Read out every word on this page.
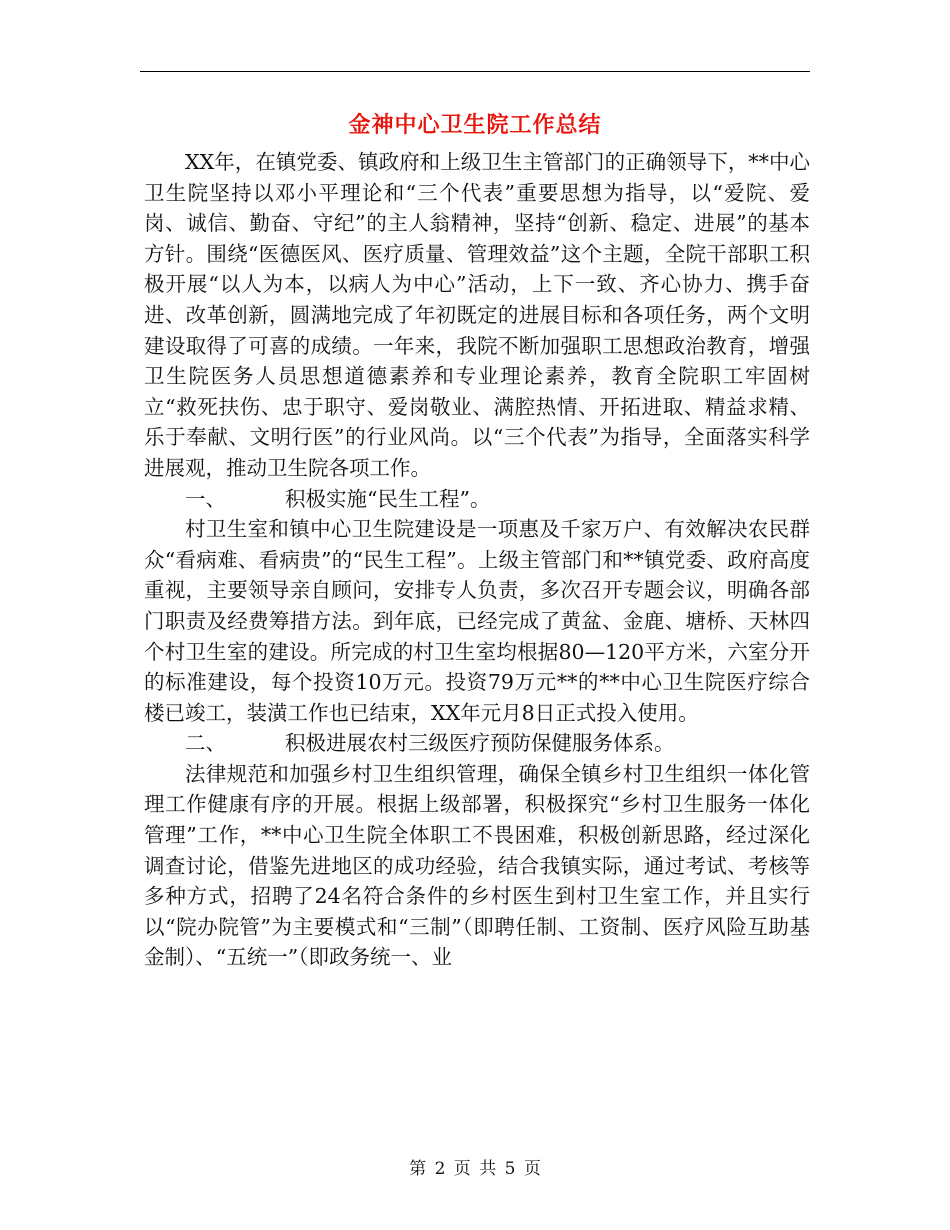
金神中心卫生院工作总结

XX年，在镇党委、镇政府和上级卫生主管部门的正确领导下，**中心卫生院坚持以邓小平理论和“三个代表”重要思想为指导，以“爱院、爱岗、诚信、勤奋、守纪”的主人翁精神，坚持“创新、稳定、进展”的基本方针。围绕“医德医风、医疗质量、管理效益”这个主题，全院干部职工积极开展“以人为本，以病人为中心”活动，上下一致、齐心协力、携手奋进、改革创新，圆满地完成了年初既定的进展目标和各项任务，两个文明建设取得了可喜的成绩。一年来，我院不断加强职工思想政治教育，增强卫生院医务人员思想道德素养和专业理论素养，教育全院职工牢固树立“救死扶伤、忠于职守、爱岗敬业、满腔热情、开拓进取、精益求精、乐于奉献、文明行医”的行业风尚。以“三个代表”为指导，全面落实科学进展观，推动卫生院各项工作。

一、	积极实施“民生工程”。

村卫生室和镇中心卫生院建设是一项惠及千家万户、有效解决农民群众“看病难、看病贵”的“民生工程”。上级主管部门和**镇党委、政府高度重视，主要领导亲自顾问，安排专人负责，多次召开专题会议，明确各部门职责及经费筹措方法。到年底，已经完成了黄盆、金鹿、塘桥、天林四个村卫生室的建设。所完成的村卫生室均根据80—120平方米，六室分开的标准建设，每个投资10万元。投资79万元**的**中心卫生院医疗综合楼已竣工，装潢工作也已结束，XX年元月8日正式投入使用。

二、	积极进展农村三级医疗预防保健服务体系。

法律规范和加强乡村卫生组织管理，确保全镇乡村卫生组织一体化管理工作健康有序的开展。根据上级部署，积极探究“乡村卫生服务一体化管理”工作，**中心卫生院全体职工不畏困难，积极创新思路，经过深化调查讨论，借鉴先进地区的成功经验，结合我镇实际，通过考试、考核等多种方式，招聘了24名符合条件的乡村医生到村卫生室工作，并且实行以“院办院管”为主要模式和“三制”（即聘任制、工资制、医疗风险互助基金制）、“五统一”（即政务统一、业

第 2 页 共 5 页
